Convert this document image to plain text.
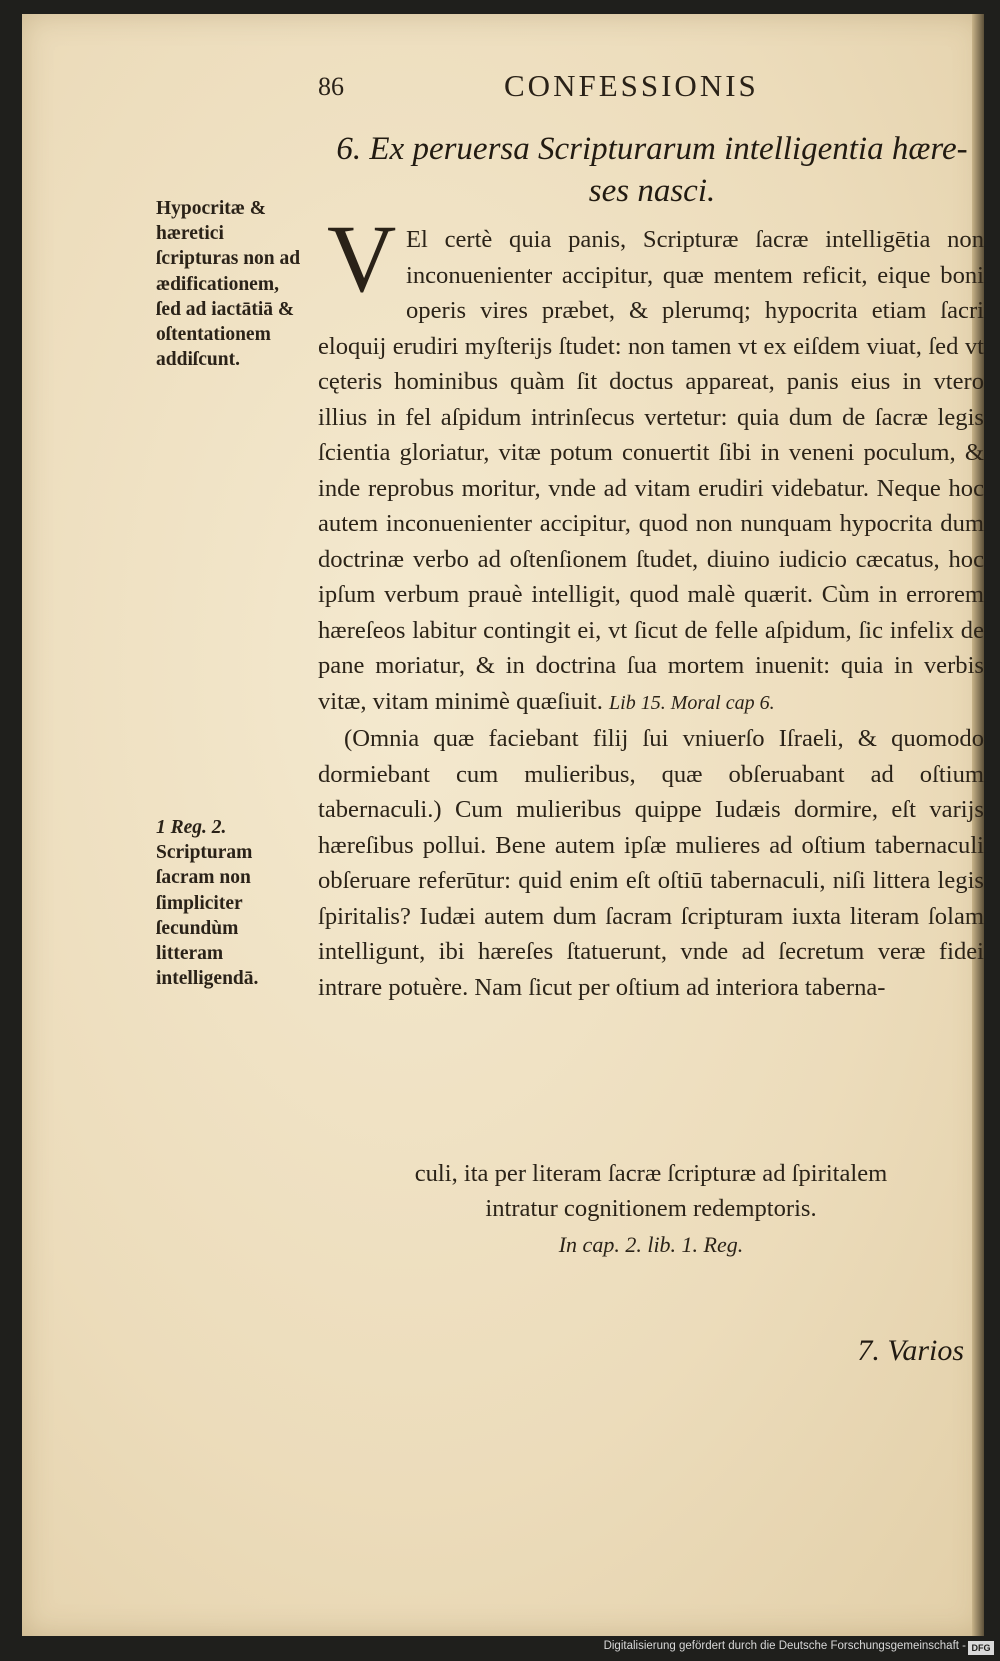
86	CONFESSIONIS
6. Ex peruersa Scripturarum intelligentia hære- ses nasci.
V El certè quia panis, Scripturæ ſacræ intelligētia non inconuenienter accipitur, quæ mentem reficit, eique boni operis vires præbet, & plerumq; hypocrita etiam ſacri eloquij erudiri myſterijs ſtudet: non tamen vt ex eiſdem viuat, ſed vt cęteris hominibus quàm ſit doctus appareat, panis eius in vtero illius in fel aſpidum intrinſecus vertetur: quia dum de ſacræ legis ſcientia gloriatur, vitæ potum conuertit ſibi in veneni poculum, & inde reprobus moritur, vnde ad vitam erudiri videbatur. Neque hoc autem inconuenienter accipitur, quod non nunquam hypocrita dum doctrinæ verbo ad oſtenſionem ſtudet, diuino iudicio cæcatus, hoc ipſum verbum prauè intelligit, quod malè quærit. Cùm in errorem hæreſeos labitur contingit ei, vt ſicut de felle aſpidum, ſic infelix de pane moriatur, & in doctrina ſua mortem inuenit: quia in verbis vitæ, vitam minimè quæſiuit. Lib 15. Moral cap 6.
(Omnia quæ faciebant filij ſui vniuerſo Iſraeli, & quomodo dormiebant cum mulieribus, quæ obſeruabant ad oſtium tabernaculi.) Cum mulieribus quippe Iudæis dormire, eſt varijs hæreſibus pollui. Bene autem ipſæ mulieres ad oſtium tabernaculi obſeruare referūtur: quid enim eſt oſtiū tabernaculi, niſi littera legis ſpiritalis? Iudæi autem dum ſacram ſcripturam iuxta literam ſolam intelligunt, ibi hæreſes ſtatuerunt, vnde ad ſecretum veræ fidei intrare potuère. Nam ſicut per oſtium ad interiora taberna-
culi, ita per literam ſacræ ſcripturæ ad ſpiritalem
intratur cognitionem redemptoris.
In cap. 2. lib. 1. Reg.
7. Varios
Hypocritæ & hæretici ſcripturas non ad ædificationem, ſed ad iactātiā & oſtentationem addiſcunt.
1 Reg. 2.
Scripturam ſacram non ſimpliciter ſecundùm litteram intelligendā.
Digitalisierung gefördert durch die Deutsche Forschungsgemeinschaft - DFG
